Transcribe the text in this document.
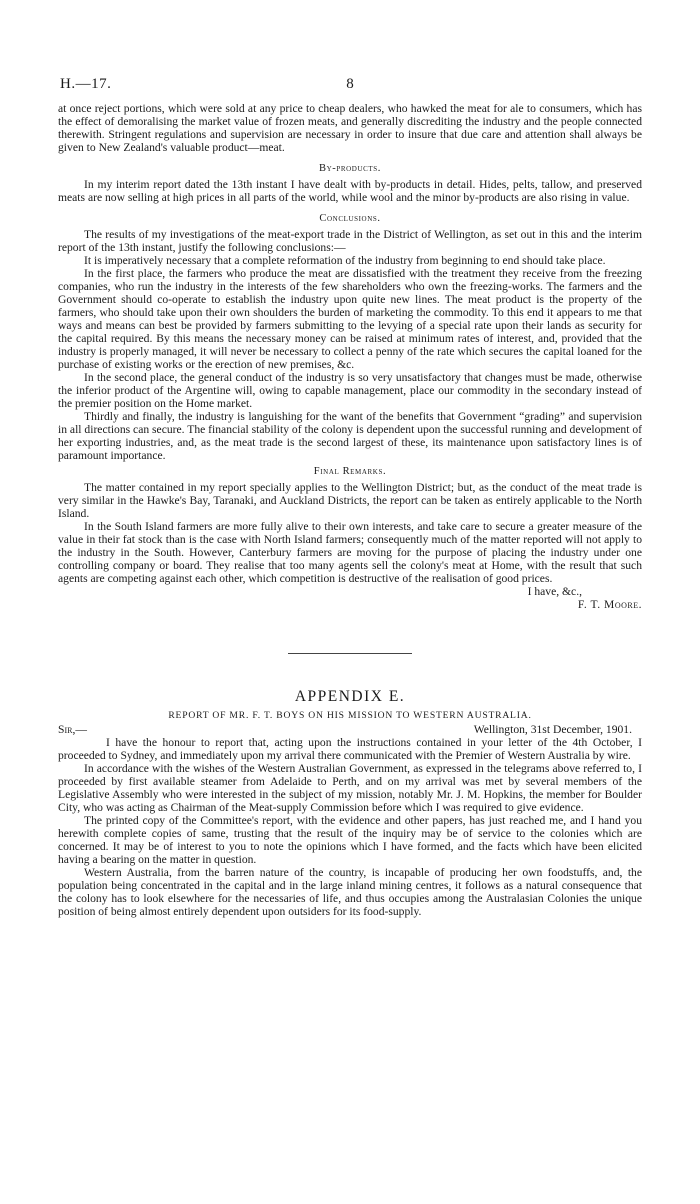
H.—17.	8

at once reject portions, which were sold at any price to cheap dealers, who hawked the meat for ale to consumers, which has the effect of demoralising the market value of frozen meats, and generally discrediting the industry and the people connected therewith. Stringent regulations and supervision are necessary in order to insure that due care and attention shall always be given to New Zealand's valuable product—meat.

By-products.

In my interim report dated the 13th instant I have dealt with by-products in detail. Hides, pelts, tallow, and preserved meats are now selling at high prices in all parts of the world, while wool and the minor by-products are also rising in value.

Conclusions.

The results of my investigations of the meat-export trade in the District of Wellington, as set out in this and the interim report of the 13th instant, justify the following conclusions:—

It is imperatively necessary that a complete reformation of the industry from beginning to end should take place.

In the first place, the farmers who produce the meat are dissatisfied with the treatment they receive from the freezing companies, who run the industry in the interests of the few shareholders who own the freezing-works. The farmers and the Government should co-operate to establish the industry upon quite new lines. The meat product is the property of the farmers, who should take upon their own shoulders the burden of marketing the commodity. To this end it appears to me that ways and means can best be provided by farmers submitting to the levying of a special rate upon their lands as security for the capital required. By this means the necessary money can be raised at minimum rates of interest, and, provided that the industry is properly managed, it will never be necessary to collect a penny of the rate which secures the capital loaned for the purchase of existing works or the erection of new premises, &c.

In the second place, the general conduct of the industry is so very unsatisfactory that changes must be made, otherwise the inferior product of the Argentine will, owing to capable management, place our commodity in the secondary instead of the premier position on the Home market.

Thirdly and finally, the industry is languishing for the want of the benefits that Government “grading” and supervision in all directions can secure. The financial stability of the colony is dependent upon the successful running and development of her exporting industries, and, as the meat trade is the second largest of these, its maintenance upon satisfactory lines is of paramount importance.

Final Remarks.

The matter contained in my report specially applies to the Wellington District; but, as the conduct of the meat trade is very similar in the Hawke's Bay, Taranaki, and Auckland Districts, the report can be taken as entirely applicable to the North Island.

In the South Island farmers are more fully alive to their own interests, and take care to secure a greater measure of the value in their fat stock than is the case with North Island farmers; consequently much of the matter reported will not apply to the industry in the South. However, Canterbury farmers are moving for the purpose of placing the industry under one controlling company or board. They realise that too many agents sell the colony's meat at Home, with the result that such agents are competing against each other, which competition is destructive of the realisation of good prices.

I have, &c.,
F. T. Moore.
APPENDIX E.
REPORT OF MR. F. T. BOYS ON HIS MISSION TO WESTERN AUSTRALIA.
Sir,—	Wellington, 31st December, 1901.

I have the honour to report that, acting upon the instructions contained in your letter of the 4th October, I proceeded to Sydney, and immediately upon my arrival there communicated with the Premier of Western Australia by wire.

In accordance with the wishes of the Western Australian Government, as expressed in the telegrams above referred to, I proceeded by first available steamer from Adelaide to Perth, and on my arrival was met by several members of the Legislative Assembly who were interested in the subject of my mission, notably Mr. J. M. Hopkins, the member for Boulder City, who was acting as Chairman of the Meat-supply Commission before which I was required to give evidence.

The printed copy of the Committee's report, with the evidence and other papers, has just reached me, and I hand you herewith complete copies of same, trusting that the result of the inquiry may be of service to the colonies which are concerned. It may be of interest to you to note the opinions which I have formed, and the facts which have been elicited having a bearing on the matter in question.

Western Australia, from the barren nature of the country, is incapable of producing her own foodstuffs, and, the population being concentrated in the capital and in the large inland mining centres, it follows as a natural consequence that the colony has to look elsewhere for the necessaries of life, and thus occupies among the Australasian Colonies the unique position of being almost entirely dependent upon outsiders for its food-supply.
